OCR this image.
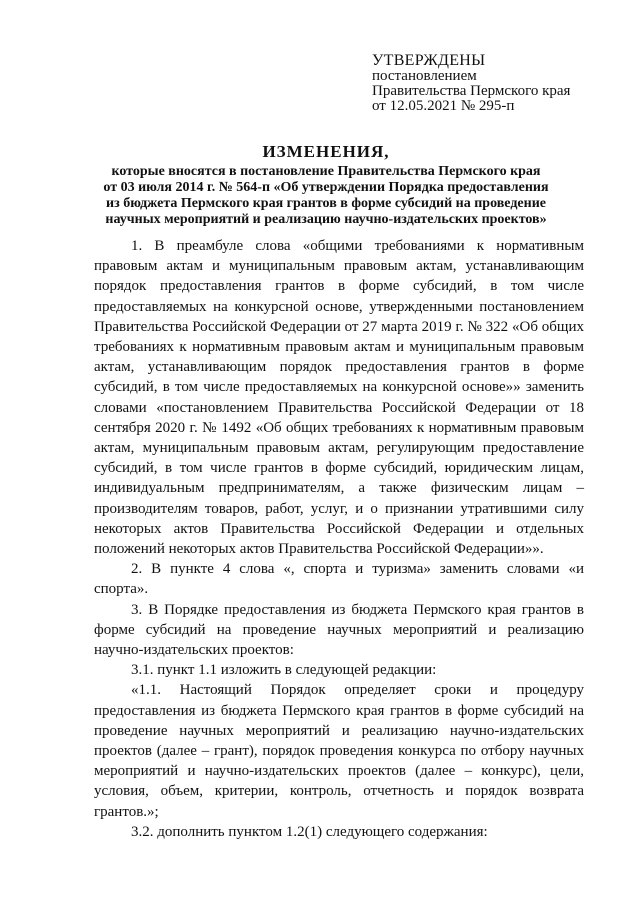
УТВЕРЖДЕНЫ
постановлением
Правительства Пермского края
от 12.05.2021 № 295-п
ИЗМЕНЕНИЯ,
которые вносятся в постановление Правительства Пермского края
от 03 июля 2014 г. № 564-п «Об утверждении Порядка предоставления
из бюджета Пермского края грантов в форме субсидий на проведение
научных мероприятий и реализацию научно-издательских проектов»

1. В преамбуле слова «общими требованиями к нормативным правовым актам и муниципальным правовым актам, устанавливающим порядок предоставления грантов в форме субсидий, в том числе предоставляемых на конкурсной основе, утвержденными постановлением Правительства Российской Федерации от 27 марта 2019 г. № 322 «Об общих требованиях к нормативным правовым актам и муниципальным правовым актам, устанавливающим порядок предоставления грантов в форме субсидий, в том числе предоставляемых на конкурсной основе»» заменить словами «постановлением Правительства Российской Федерации от 18 сентября 2020 г. № 1492 «Об общих требованиях к нормативным правовым актам, муниципальным правовым актам, регулирующим предоставление субсидий, в том числе грантов в форме субсидий, юридическим лицам, индивидуальным предпринимателям, а также физическим лицам – производителям товаров, работ, услуг, и о признании утратившими силу некоторых актов Правительства Российской Федерации и отдельных положений некоторых актов Правительства Российской Федерации»».

2. В пункте 4 слова «, спорта и туризма» заменить словами «и спорта».

3. В Порядке предоставления из бюджета Пермского края грантов в форме субсидий на проведение научных мероприятий и реализацию научно-издательских проектов:

3.1. пункт 1.1 изложить в следующей редакции:

«1.1. Настоящий Порядок определяет сроки и процедуру предоставления из бюджета Пермского края грантов в форме субсидий на проведение научных мероприятий и реализацию научно-издательских проектов (далее – грант), порядок проведения конкурса по отбору научных мероприятий и научно-издательских проектов (далее – конкурс), цели, условия, объем, критерии, контроль, отчетность и порядок возврата грантов.»;

3.2. дополнить пунктом 1.2(1) следующего содержания:
